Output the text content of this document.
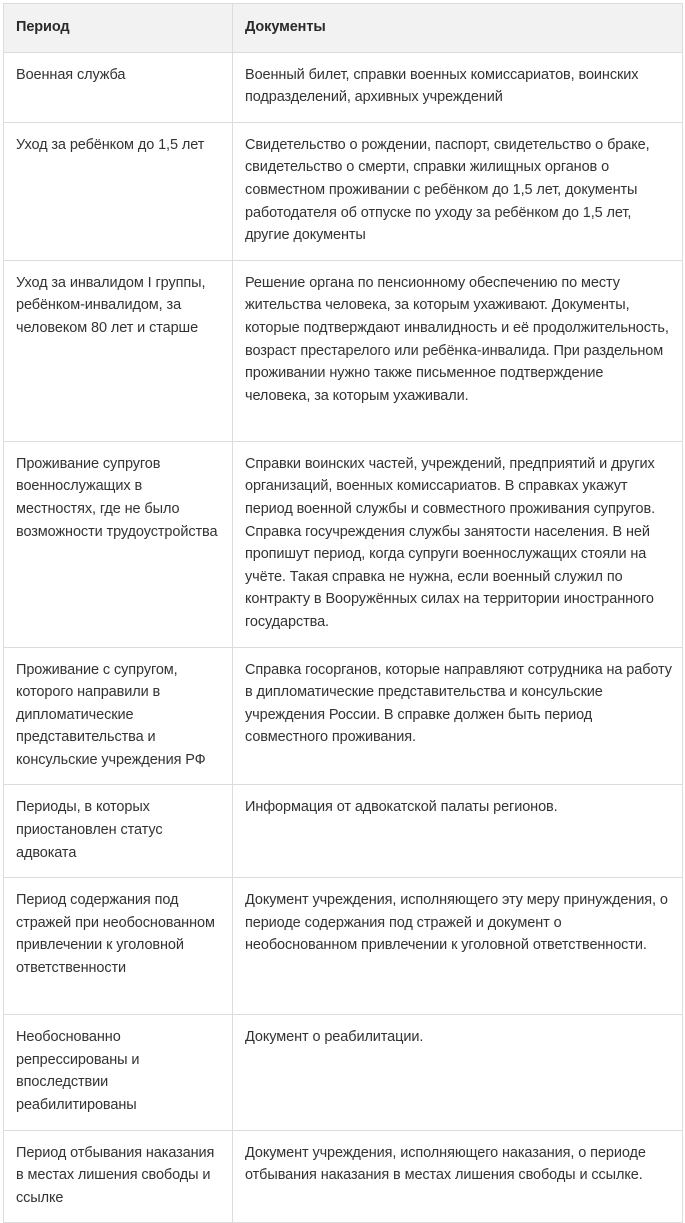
Период	Документы
Военная служба	Военный билет, справки военных комиссариатов, воинских подразделений, архивных учреждений
Уход за ребёнком до 1,5 лет	Свидетельство о рождении, паспорт, свидетельство о браке, свидетельство о смерти, справки жилищных органов о совместном проживании с ребёнком до 1,5 лет, документы работодателя об отпуске по уходу за ребёнком до 1,5 лет, другие документы
Уход за инвалидом I группы, ребёнком-инвалидом, за человеком 80 лет и старше	Решение органа по пенсионному обеспечению по месту жительства человека, за которым ухаживают. Документы, которые подтверждают инвалидность и её продолжительность, возраст престарелого или ребёнка-инвалида. При раздельном проживании нужно также письменное подтверждение человека, за которым ухаживали.
Проживание супругов военнослужащих в местностях, где не было возможности трудоустройства	Справки воинских частей, учреждений, предприятий и других организаций, военных комиссариатов. В справках укажут период военной службы и совместного проживания супругов. Справка госучреждения службы занятости населения. В ней пропишут период, когда супруги военнослужащих стояли на учёте. Такая справка не нужна, если военный служил по контракту в Вооружённых силах на территории иностранного государства.
Проживание с супругом, которого направили в дипломатические представительства и консульские учреждения РФ	Справка госорганов, которые направляют сотрудника на работу в дипломатические представительства и консульские учреждения России. В справке должен быть период совместного проживания.
Периоды, в которых приостановлен статус адвоката	Информация от адвокатской палаты регионов.
Период содержания под стражей при необоснованном привлечении к уголовной ответственности	Документ учреждения, исполняющего эту меру принуждения, о периоде содержания под стражей и документ о необоснованном привлечении к уголовной ответственности.
Необоснованно репрессированы и впоследствии реабилитированы	Документ о реабилитации.
Период отбывания наказания в местах лишения свободы и ссылке	Документ учреждения, исполняющего наказания, о периоде отбывания наказания в местах лишения свободы и ссылке.
